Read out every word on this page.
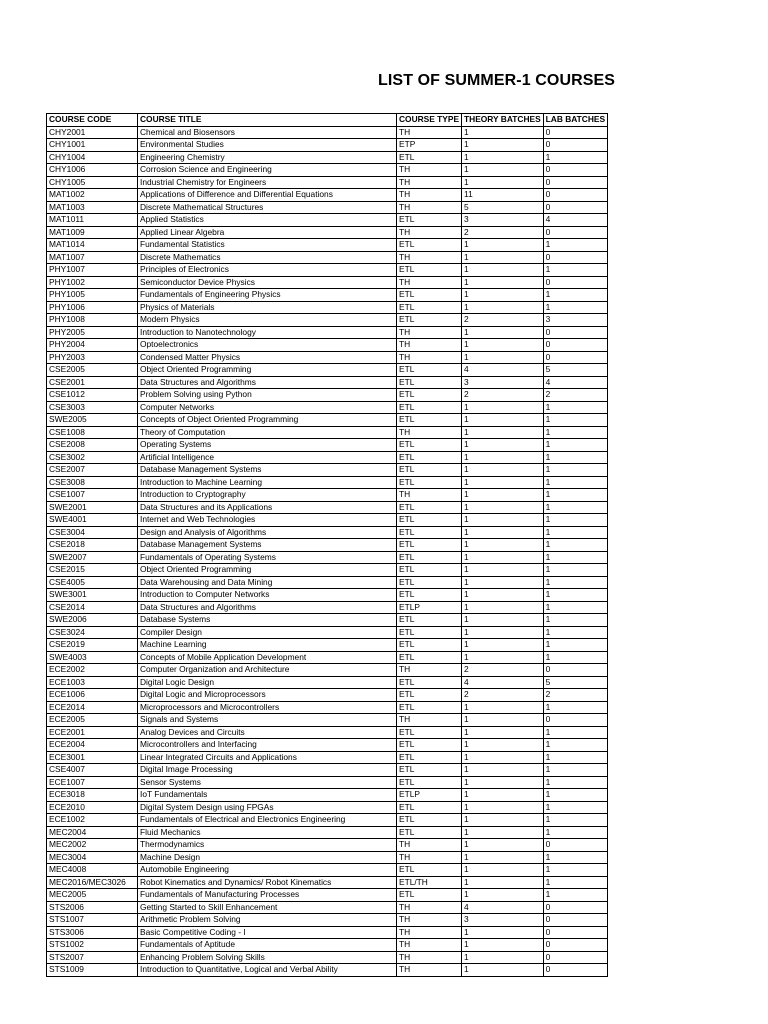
LIST OF SUMMER-1 COURSES
COURSE CODE	COURSE TITLE	COURSE TYPE	THEORY BATCHES	LAB BATCHES
CHY2001	Chemical and Biosensors	TH	1	0
CHY1001	Environmental Studies	ETP	1	0
CHY1004	Engineering Chemistry	ETL	1	1
CHY1006	Corrosion Science and Engineering	TH	1	0
CHY1005	Industrial Chemistry for Engineers	TH	1	0
MAT1002	Applications of Difference and Differential Equations	TH	11	0
MAT1003	Discrete Mathematical Structures	TH	5	0
MAT1011	Applied Statistics	ETL	3	4
MAT1009	Applied Linear Algebra	TH	2	0
MAT1014	Fundamental Statistics	ETL	1	1
MAT1007	Discrete Mathematics	TH	1	0
PHY1007	Principles of Electronics	ETL	1	1
PHY1002	Semiconductor Device Physics	TH	1	0
PHY1005	Fundamentals of Engineering Physics	ETL	1	1
PHY1006	Physics of Materials	ETL	1	1
PHY1008	Modern Physics	ETL	2	3
PHY2005	Introduction to Nanotechnology	TH	1	0
PHY2004	Optoelectronics	TH	1	0
PHY2003	Condensed Matter Physics	TH	1	0
CSE2005	Object Oriented Programming	ETL	4	5
CSE2001	Data Structures and Algorithms	ETL	3	4
CSE1012	Problem Solving using Python	ETL	2	2
CSE3003	Computer Networks	ETL	1	1
SWE2005	Concepts of Object Oriented Programming	ETL	1	1
CSE1008	Theory of Computation	TH	1	1
CSE2008	Operating Systems	ETL	1	1
CSE3002	Artificial Intelligence	ETL	1	1
CSE2007	Database Management Systems	ETL	1	1
CSE3008	Introduction to Machine Learning	ETL	1	1
CSE1007	Introduction to Cryptography	TH	1	1
SWE2001	Data Structures and its Applications	ETL	1	1
SWE4001	Internet and Web Technologies	ETL	1	1
CSE3004	Design and Analysis of Algorithms	ETL	1	1
CSE2018	Database Management Systems	ETL	1	1
SWE2007	Fundamentals of Operating Systems	ETL	1	1
CSE2015	Object Oriented Programming	ETL	1	1
CSE4005	Data Warehousing and Data Mining	ETL	1	1
SWE3001	Introduction to Computer Networks	ETL	1	1
CSE2014	Data Structures and Algorithms	ETLP	1	1
SWE2006	Database Systems	ETL	1	1
CSE3024	Compiler Design	ETL	1	1
CSE2019	Machine Learning	ETL	1	1
SWE4003	Concepts of Mobile Application Development	ETL	1	1
ECE2002	Computer Organization and Architecture	TH	2	0
ECE1003	Digital Logic Design	ETL	4	5
ECE1006	Digital Logic and Microprocessors	ETL	2	2
ECE2014	Microprocessors and Microcontrollers	ETL	1	1
ECE2005	Signals and Systems	TH	1	0
ECE2001	Analog Devices and Circuits	ETL	1	1
ECE2004	Microcontrollers and Interfacing	ETL	1	1
ECE3001	Linear Integrated Circuits and Applications	ETL	1	1
CSE4007	Digital Image Processing	ETL	1	1
ECE1007	Sensor Systems	ETL	1	1
ECE3018	IoT Fundamentals	ETLP	1	1
ECE2010	Digital System Design using FPGAs	ETL	1	1
ECE1002	Fundamentals of Electrical and Electronics Engineering	ETL	1	1
MEC2004	Fluid Mechanics	ETL	1	1
MEC2002	Thermodynamics	TH	1	0
MEC3004	Machine Design	TH	1	1
MEC4008	Automobile Engineering	ETL	1	1
MEC2016/MEC3026	Robot Kinematics and Dynamics/ Robot Kinematics	ETL/TH	1	1
MEC2005	Fundamentals of Manufacturing Processes	ETL	1	1
STS2006	Getting Started to Skill Enhancement	TH	4	0
STS1007	Arithmetic Problem Solving	TH	3	0
STS3006	Basic Competitive Coding - I	TH	1	0
STS1002	Fundamentals of Aptitude	TH	1	0
STS2007	Enhancing Problem Solving Skills	TH	1	0
STS1009	Introduction to Quantitative, Logical and Verbal Ability	TH	1	0
